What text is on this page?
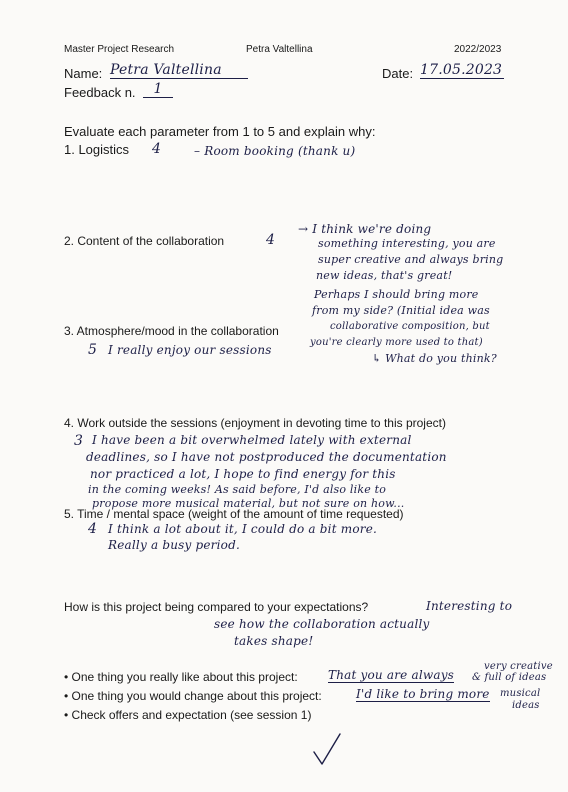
Master Project Research	Petra Valtellina	2022/2023
Name: Petra Valtellina	Date: 17.05.2023
Feedback n.	1
Evaluate each parameter from 1 to 5 and explain why:
1. Logistics 4	– Room booking (thank u)
2. Content of the collaboration	4
→ I think we're doing
something interesting, you are
super creative and always bring
new ideas, that's great!
Perhaps I should bring more
from my side? (Initial idea was
collaborative composition, but
you're clearly more used to that)
↳ What do you think?
3. Atmosphere/mood in the collaboration
5 I really enjoy our sessions
4. Work outside the sessions (enjoyment in devoting time to this project)
3 I have been a bit overwhelmed lately with external
deadlines, so I have not postproduced the documentation
nor practiced a lot, I hope to find energy for this
in the coming weeks! As said before, I'd also like to
propose more musical material, but not sure on how...
5. Time / mental space (weight of the amount of time requested)
4 I think a lot about it, I could do a bit more.
Really a busy period.
How is this project being compared to your expectations?	Interesting to
see how the collaboration actually
takes shape!
• One thing you really like about this project:	That you are always
very creative
& full of ideas
• One thing you would change about this project:	I'd like to bring more musical
ideas
• Check offers and expectation (see session 1)
